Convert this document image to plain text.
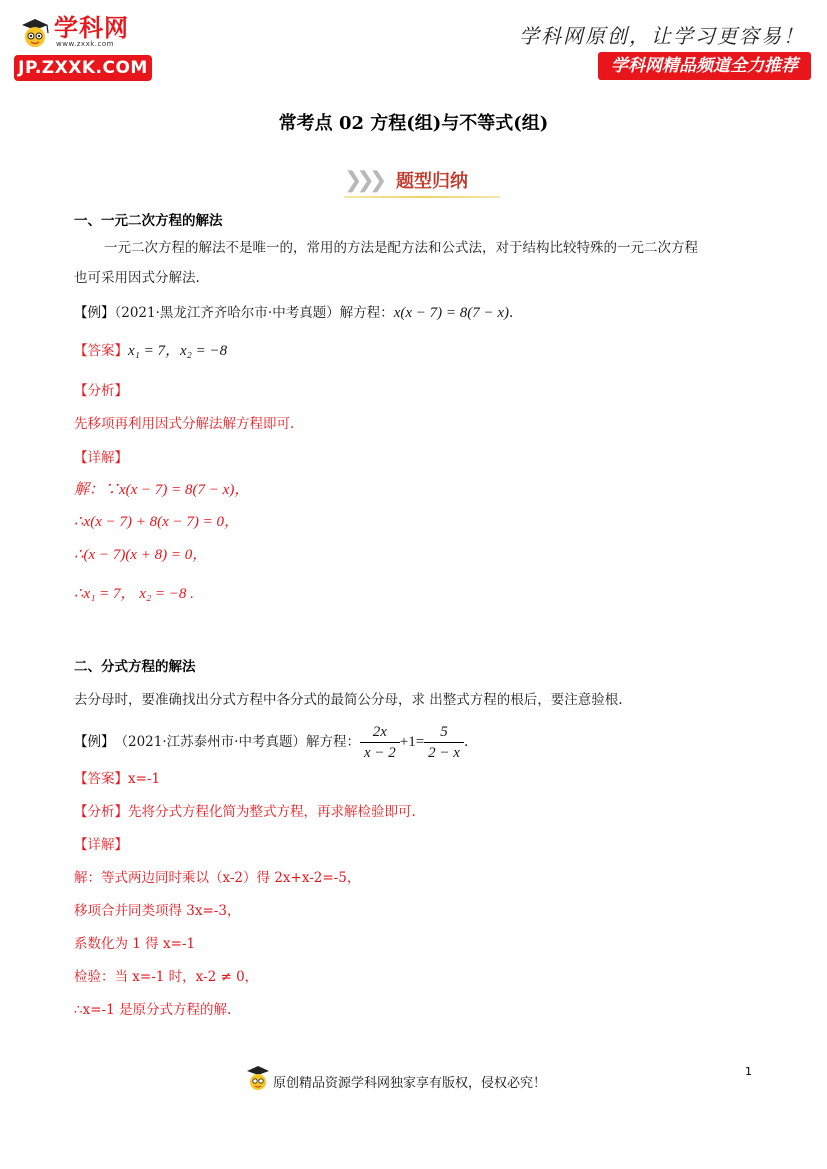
学科网
www.zxxk.com
JP.ZXXK.COM
学科网原创，让学习更容易！
学科网精品频道全力推荐
常考点 02 方程(组)与不等式(组)
❯❯❯ 题型归纳
一、一元二次方程的解法
一元二次方程的解法不是唯一的，常用的方法是配方法和公式法，对于结构比较特殊的一元二次方程
也可采用因式分解法.
【例】（2021·黑龙江齐齐哈尔市·中考真题）解方程：x(x − 7) = 8(7 − x).
【答案】x₁ = 7，x₂ = −8
【分析】
先移项再利用因式分解法解方程即可.
【详解】
解：∵x(x − 7) = 8(7 − x)，
∴x(x − 7) + 8(x − 7) = 0，
∴(x − 7)(x + 8) = 0，
∴x₁ = 7， x₂ = −8 .
二、分式方程的解法
去分母时，要准确找出分式方程中各分式的最简公分母，求 出整式方程的根后，要注意验根.
【例】 （2021·江苏泰州市·中考真题）解方程： $\frac{2x}{x - 2} +1= \frac{5}{2 - x}$ .
【答案】x=-1
【分析】先将分式方程化简为整式方程，再求解检验即可.
【详解】
解：等式两边同时乘以（x-2）得 2x+x-2=-5，
移项合并同类项得 3x=-3，
系数化为 1 得 x=-1
检验：当 x=-1 时，x-2 ≠ 0，
∴x=-1 是原分式方程的解.
原创精品资源学科网独家享有版权，侵权必究！
1
